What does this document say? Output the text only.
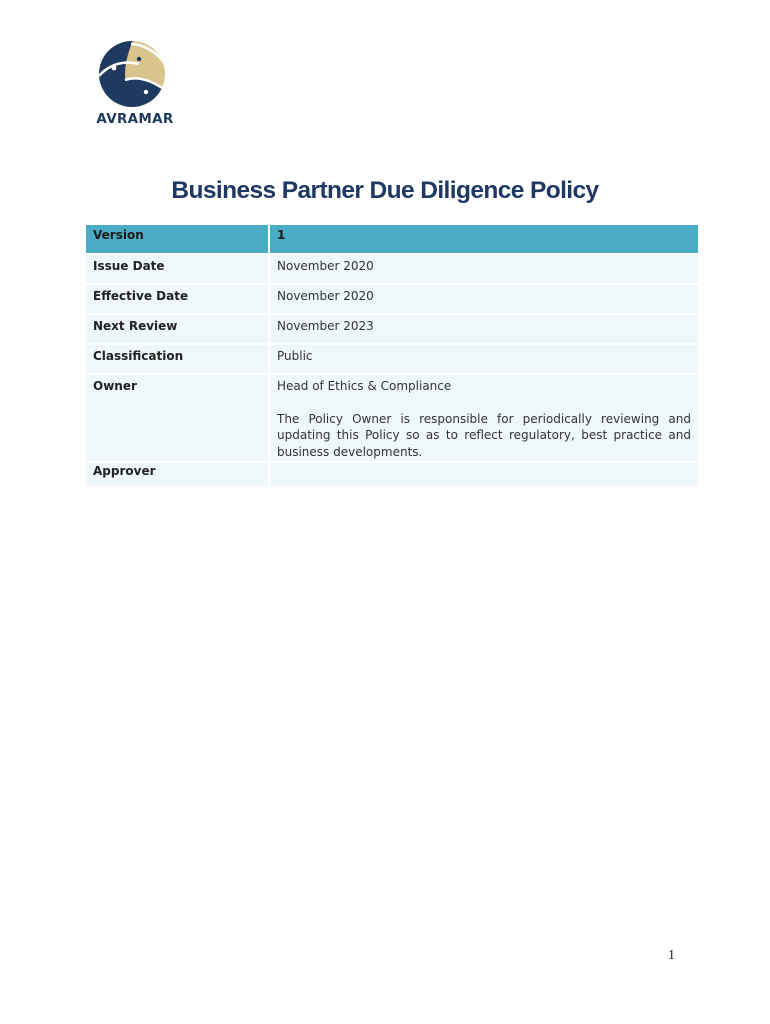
AVRAMAR
Business Partner Due Diligence Policy
Version	1
Issue Date	November 2020
Effective Date	November 2020
Next Review	November 2023
Classification	Public
Owner	Head of Ethics & Compliance

The Policy Owner is responsible for periodically reviewing and updating this Policy so as to reflect regulatory, best practice and business developments.

Approver	
1
